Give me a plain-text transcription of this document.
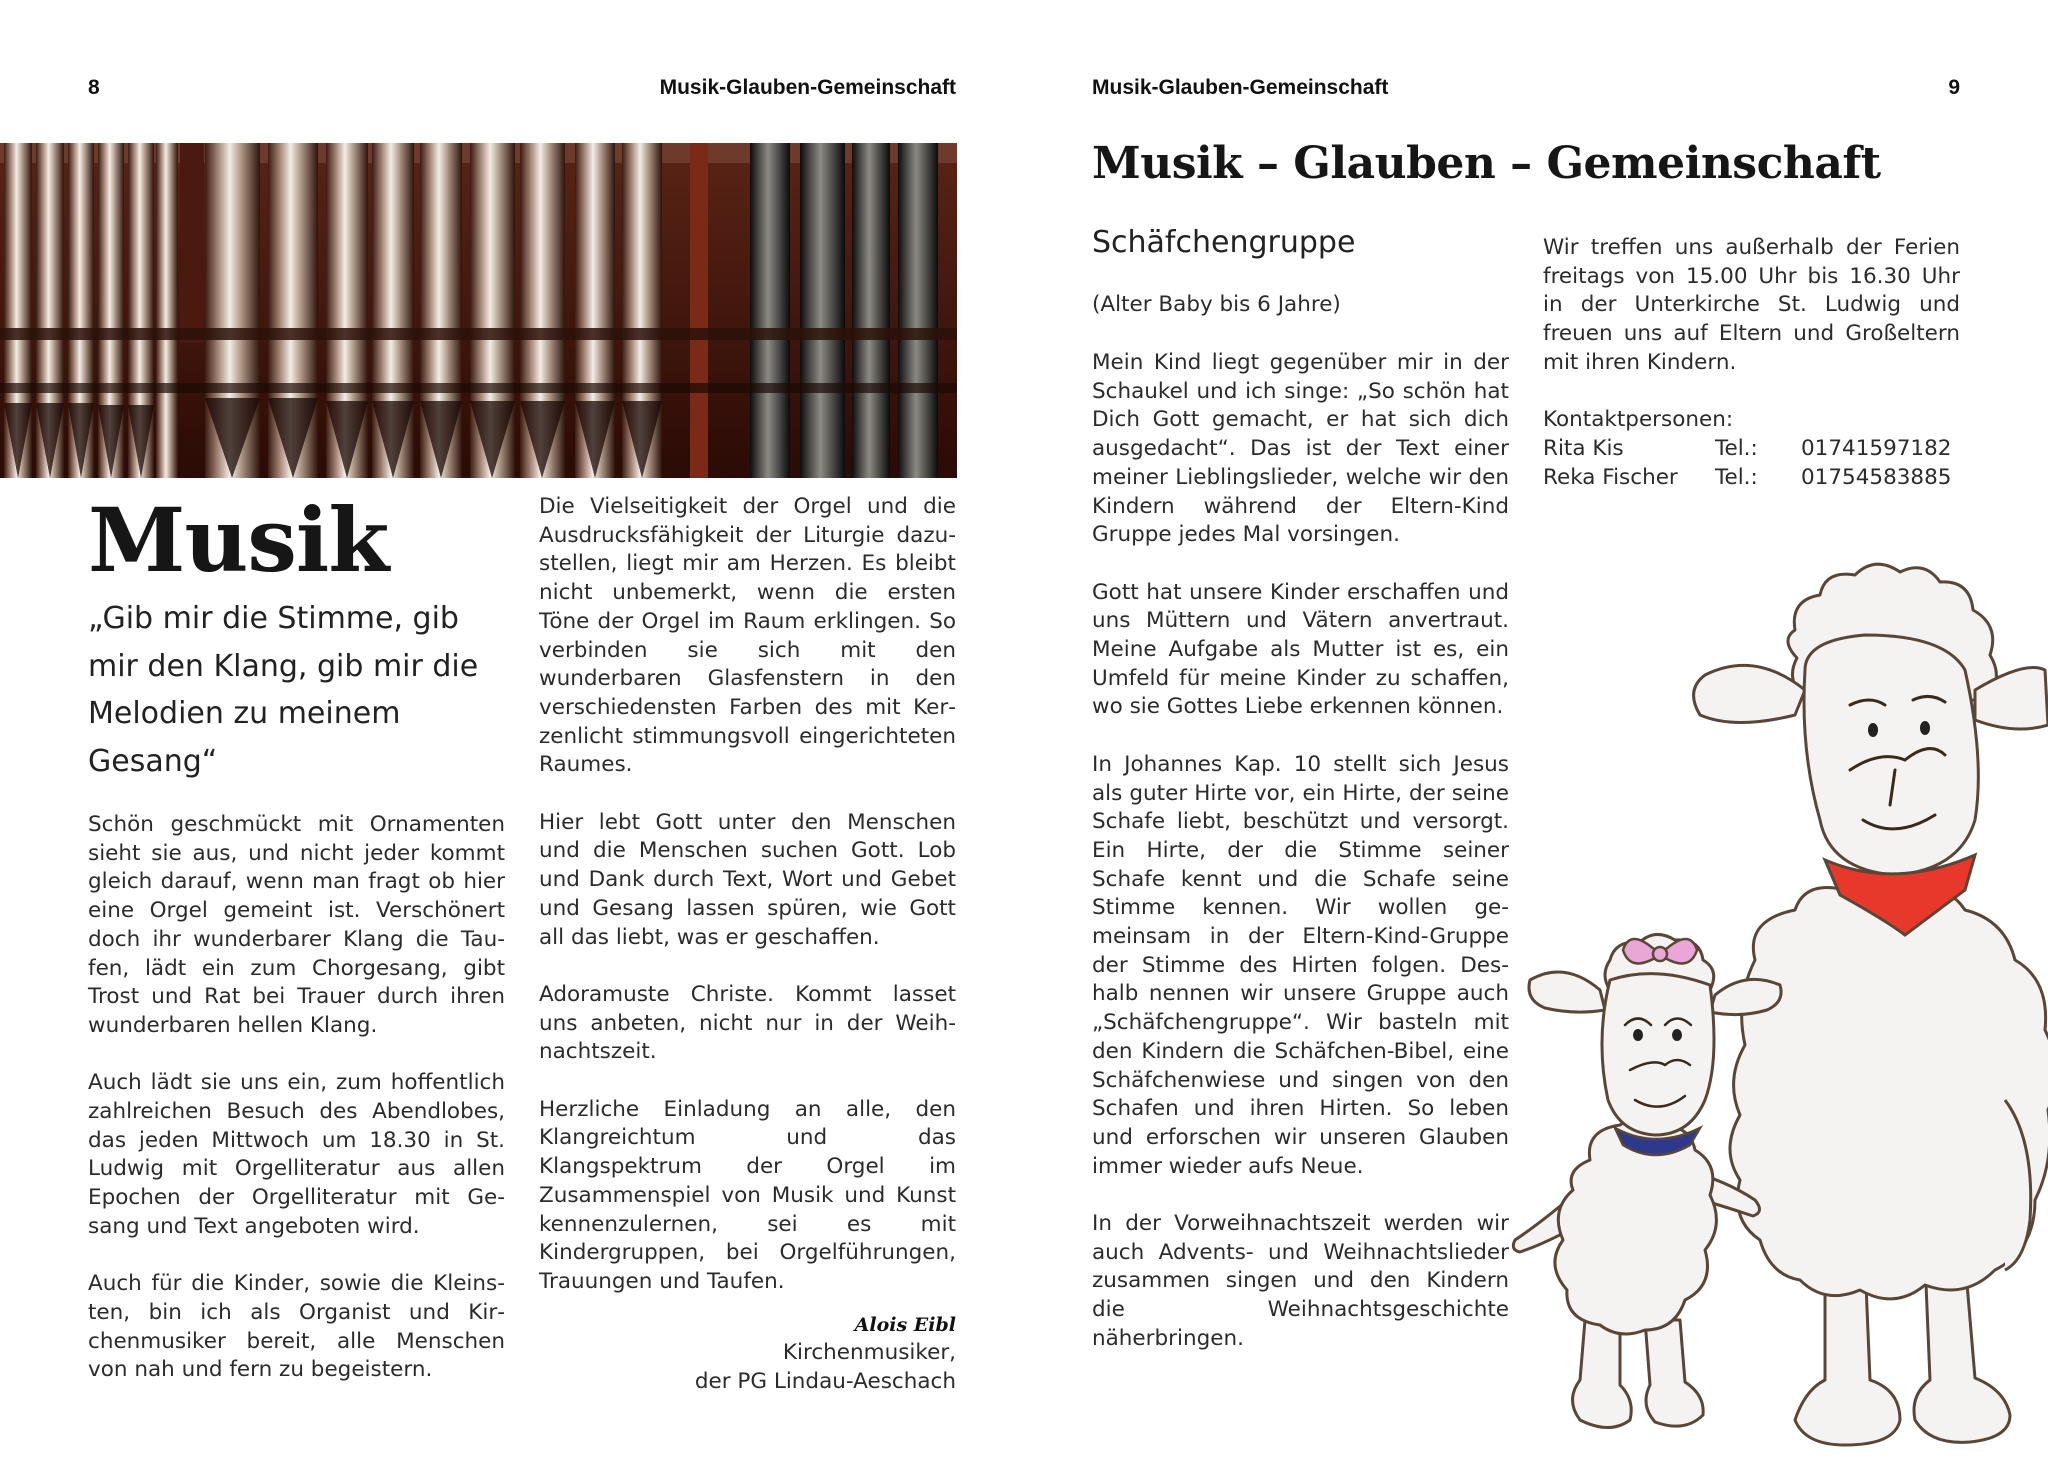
8	Musik-Glauben-Gemeinschaft	Musik-Glauben-Gemeinschaft	9
Musik
„Gib mir die Stimme, gib mir den Klang, gib mir die Melodien zu meinem Gesang“

Schön geschmückt mit Ornamenten sieht sie aus, und nicht jeder kommt gleich darauf, wenn man fragt ob hier eine Orgel gemeint ist. Verschönert doch ihr wunderbarer Klang die Taufen, lädt ein zum Chorgesang, gibt Trost und Rat bei Trauer durch ihren wunderbaren hellen Klang.

Auch lädt sie uns ein, zum hoffentlich zahlreichen Besuch des Abendlobes, das jeden Mittwoch um 18.30 in St. Ludwig mit Orgelliteratur aus allen Epochen der Orgelliteratur mit Gesang und Text angeboten wird.

Auch für die Kinder, sowie die Kleinsten, bin ich als Organist und Kirchenmusiker bereit, alle Menschen von nah und fern zu begeistern.

Die Vielseitigkeit der Orgel und die Ausdrucksfähigkeit der Liturgie dazustellen, liegt mir am Herzen. Es bleibt nicht unbemerkt, wenn die ersten Töne der Orgel im Raum erklingen. So verbinden sie sich mit den wunderbaren Glasfenstern in den verschiedensten Farben des mit Kerzenlicht stimmungsvoll eingerichteten Raumes.

Hier lebt Gott unter den Menschen und die Menschen suchen Gott. Lob und Dank durch Text, Wort und Gebet und Gesang lassen spüren, wie Gott all das liebt, was er geschaffen.

Adoramuste Christe. Kommt lasset uns anbeten, nicht nur in der Weihnachtszeit.

Herzliche Einladung an alle, den Klangreichtum und das Klangspektrum der Orgel im Zusammenspiel von Musik und Kunst kennenzulernen, sei es mit Kindergruppen, bei Orgelführungen, Trauungen und Taufen.

Alois Eibl
Kirchenmusiker,
der PG Lindau-Aeschach
Musik – Glauben – Gemeinschaft
Schäfchengruppe
(Alter Baby bis 6 Jahre)

Mein Kind liegt gegenüber mir in der Schaukel und ich singe: „So schön hat Dich Gott gemacht, er hat sich dich ausgedacht“. Das ist der Text einer meiner Lieblingslieder, welche wir den Kindern während der Eltern-Kind Gruppe jedes Mal vorsingen.

Gott hat unsere Kinder erschaffen und uns Müttern und Vätern anvertraut. Meine Aufgabe als Mutter ist es, ein Umfeld für meine Kinder zu schaffen, wo sie Gottes Liebe erkennen können.

In Johannes Kap. 10 stellt sich Jesus als guter Hirte vor, ein Hirte, der seine Schafe liebt, beschützt und versorgt. Ein Hirte, der die Stimme seiner Schafe kennt und die Schafe seine Stimme kennen. Wir wollen gemeinsam in der Eltern-Kind-Gruppe der Stimme des Hirten folgen. Deshalb nennen wir unsere Gruppe auch „Schäfchengruppe“. Wir basteln mit den Kindern die Schäfchen-Bibel, eine Schäfchenwiese und singen von den Schafen und ihren Hirten. So leben und erforschen wir unseren Glauben immer wieder aufs Neue.

In der Vorweihnachtszeit werden wir auch Advents- und Weihnachtslieder zusammen singen und den Kindern die Weihnachtsgeschichte näherbringen.

Wir treffen uns außerhalb der Ferien freitags von 15.00 Uhr bis 16.30 Uhr in der Unterkirche St. Ludwig und freuen uns auf Eltern und Großeltern mit ihren Kindern.
Kontaktpersonen:
Rita Kis	Tel.:	01741597182
Reka Fischer	Tel.:	01754583885
